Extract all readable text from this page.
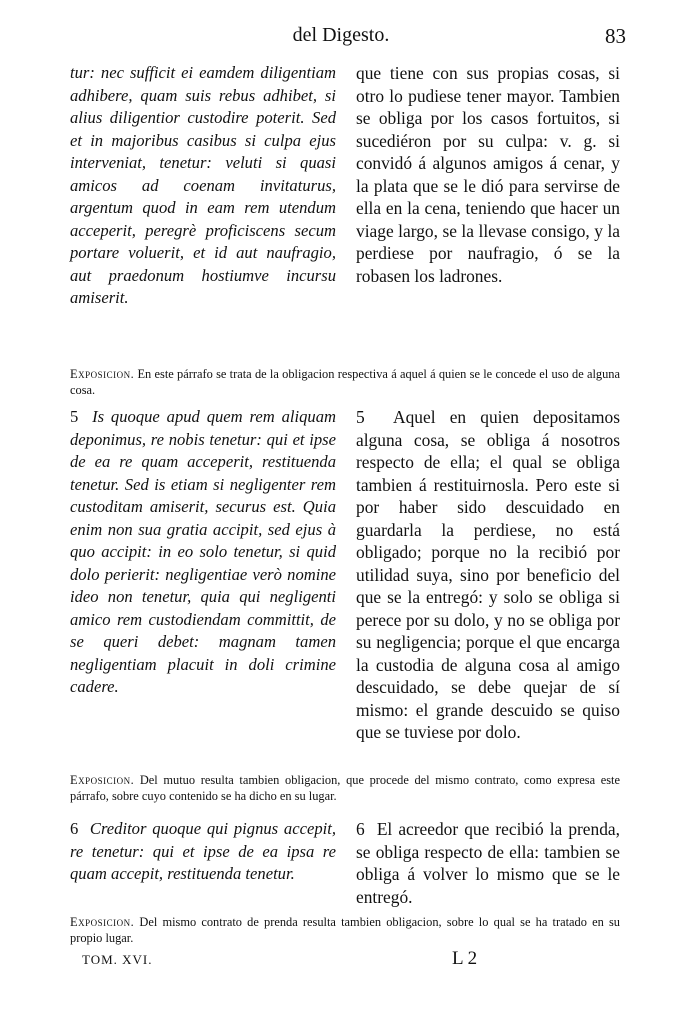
del Digesto.	83

tur: nec sufficit ei eamdem diligentiam adhibere, quam suis rebus adhibet, si alius diligentior custodire poterit. Sed et in majoribus casibus si culpa ejus interveniat, tenetur: veluti si quasi amicos ad coenam invitaturus, argentum quod in eam rem utendum acceperit, peregrè proficiscens secum portare voluerit, et id aut naufragio, aut praedonum hostiumve incursu amiserit.

que tiene con sus propias cosas, si otro lo pudiese tener mayor. Tambien se obliga por los casos fortuitos, si sucediéron por su culpa: v. g. si convidó á algunos amigos á cenar, y la plata que se le dió para servirse de ella en la cena, teniendo que hacer un viage largo, se la llevase consigo, y la perdiese por naufragio, ó se la robasen los ladrones.

Exposicion. En este párrafo se trata de la obligacion respectiva á aquel á quien se le concede el uso de alguna cosa.

5 Is quoque apud quem rem aliquam deponimus, re nobis tenetur: qui et ipse de ea re quam acceperit, restituenda tenetur. Sed is etiam si negligenter rem custoditam amiserit, securus est. Quia enim non sua gratia accipit, sed ejus à quo accipit: in eo solo tenetur, si quid dolo perierit: negligentiae verò nomine ideo non tenetur, quia qui negligenti amico rem custodiendam committit, de se queri debet: magnam tamen negligentiam placuit in doli crimine cadere.

5 Aquel en quien depositamos alguna cosa, se obliga á nosotros respecto de ella; el qual se obliga tambien á restituirnosla. Pero este si por haber sido descuidado en guardarla la perdiese, no está obligado; porque no la recibió por utilidad suya, sino por beneficio del que se la entregó: y solo se obliga si perece por su dolo, y no se obliga por su negligencia; porque el que encarga la custodia de alguna cosa al amigo descuidado, se debe quejar de sí mismo: el grande descuido se quiso que se tuviese por dolo.

Exposicion. Del mutuo resulta tambien obligacion, que procede del mismo contrato, como expresa este párrafo, sobre cuyo contenido se ha dicho en su lugar.

6 Creditor quoque qui pignus accepit, re tenetur: qui et ipse de ea ipsa re quam accepit, restituenda tenetur.

6 El acreedor que recibió la prenda, se obliga respecto de ella: tambien se obliga á volver lo mismo que se le entregó.

Exposicion. Del mismo contrato de prenda resulta tambien obligacion, sobre lo qual se ha tratado en su propio lugar.
TOM. XVI.	L 2
